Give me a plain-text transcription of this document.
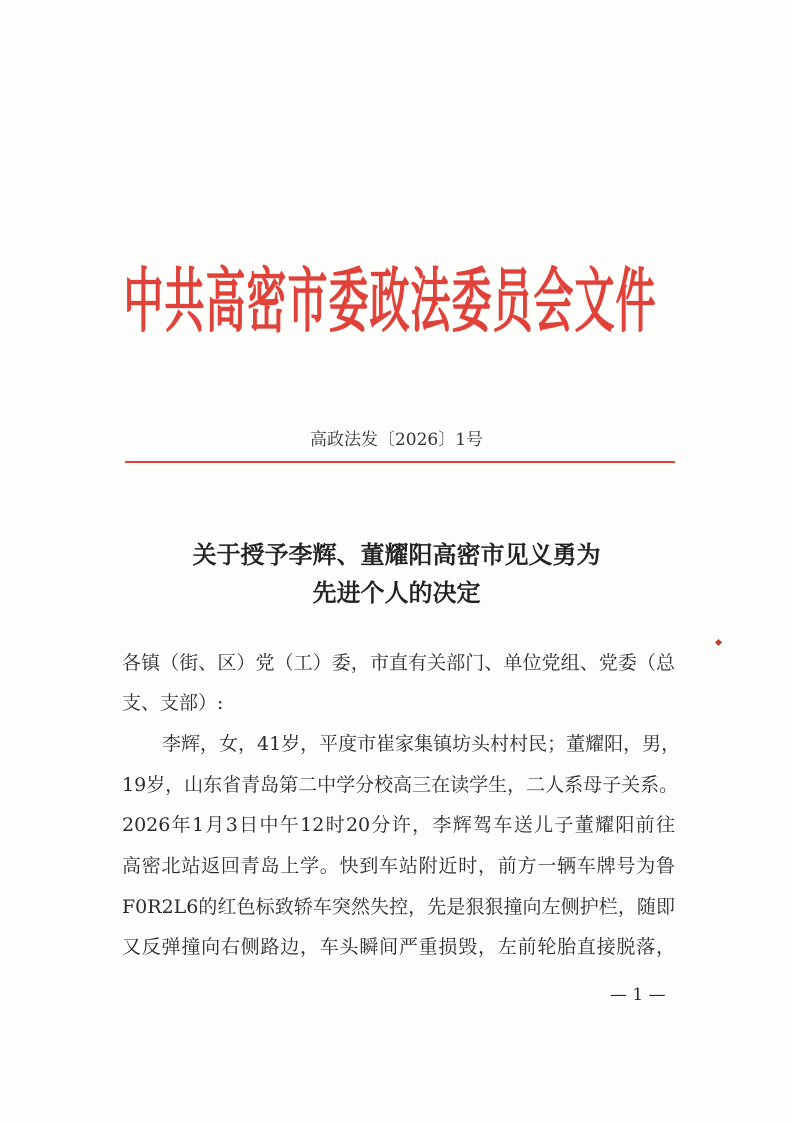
中共高密市委政法委员会文件
高政法发〔2026〕1号
关于授予李辉、董耀阳高密市见义勇为
先进个人的决定
各镇（街、区）党（工）委，市直有关部门、单位党组、党委（总
支、支部）:
李辉，女，41岁，平度市崔家集镇坊头村村民；董耀阳，男，
19岁，山东省青岛第二中学分校高三在读学生，二人系母子关系。
2026年1月3日中午12时20分许，李辉驾车送儿子董耀阳前往
高密北站返回青岛上学。快到车站附近时，前方一辆车牌号为鲁
F0R2L6的红色标致轿车突然失控，先是狠狠撞向左侧护栏，随即
又反弹撞向右侧路边，车头瞬间严重损毁，左前轮胎直接脱落，
— 1 —
